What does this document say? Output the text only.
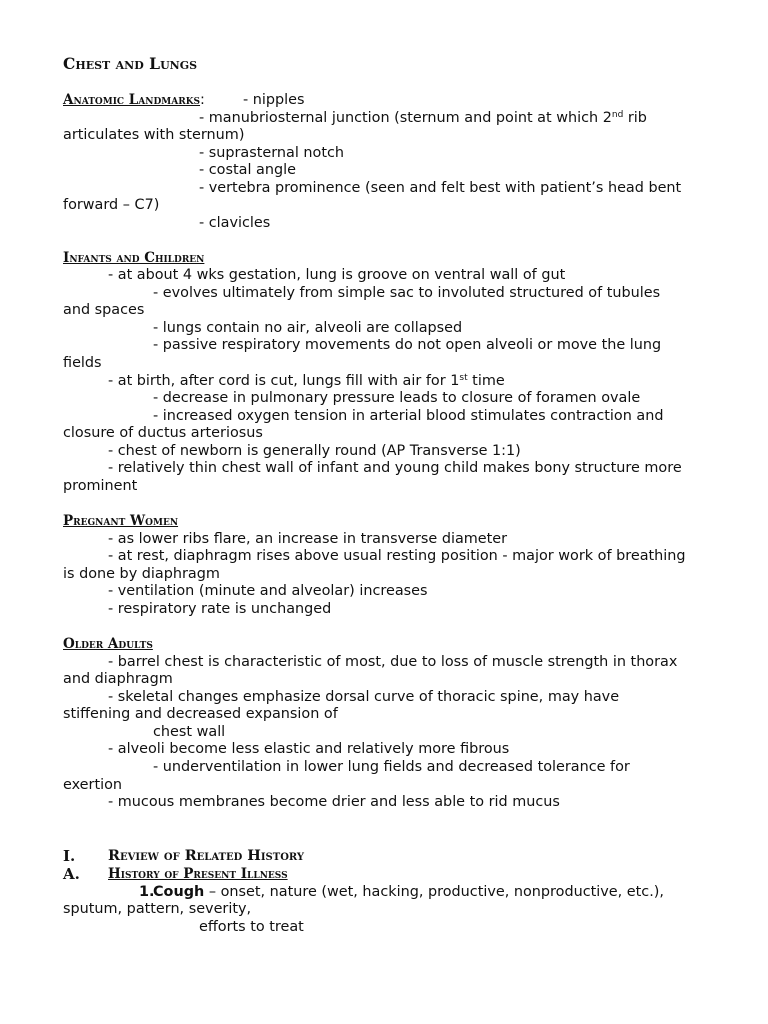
Chest and Lungs
Anatomic Landmarks:	- nipples
- manubriosternal junction (sternum and point at which 2nd rib
articulates with sternum)
- suprasternal notch
- costal angle
- vertebra prominence (seen and felt best with patient’s head bent
forward – C7)
- clavicles
Infants and Children
- at about 4 wks gestation, lung is groove on ventral wall of gut
- evolves ultimately from simple sac to involuted structured of tubules
and spaces
- lungs contain no air, alveoli are collapsed
- passive respiratory movements do not open alveoli or move the lung
fields
- at birth, after cord is cut, lungs fill with air for 1st time
- decrease in pulmonary pressure leads to closure of foramen ovale
- increased oxygen tension in arterial blood stimulates contraction and
closure of ductus arteriosus
- chest of newborn is generally round (AP Transverse 1:1)
- relatively thin chest wall of infant and young child makes bony structure more
prominent
Pregnant Women
- as lower ribs flare, an increase in transverse diameter
- at rest, diaphragm rises above usual resting position - major work of breathing
is done by diaphragm
- ventilation (minute and alveolar) increases
- respiratory rate is unchanged
Older Adults
- barrel chest is characteristic of most, due to loss of muscle strength in thorax
and diaphragm
- skeletal changes emphasize dorsal curve of thoracic spine, may have
stiffening and decreased expansion of
chest wall
- alveoli become less elastic and relatively more fibrous
- underventilation in lower lung fields and decreased tolerance for
exertion
- mucous membranes become drier and less able to rid mucus
I. Review of Related History
A. History of Present Illness
1.
Cough – onset, nature (wet, hacking, productive, nonproductive, etc.),
sputum, pattern, severity,
efforts to treat
